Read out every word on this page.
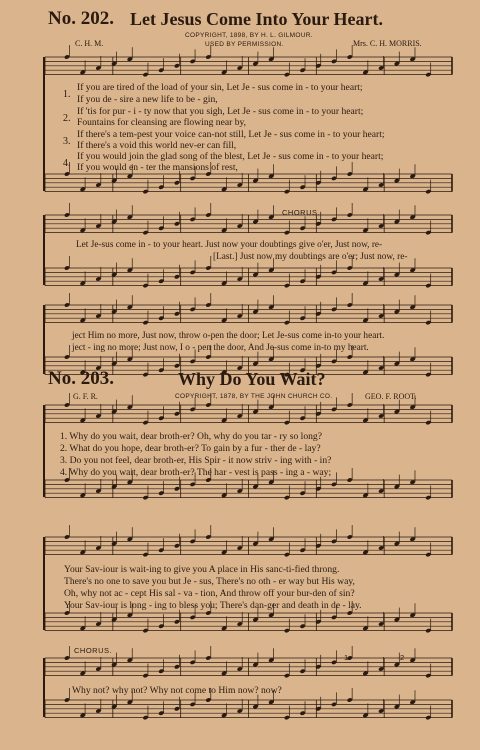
No. 202. Let Jesus Come Into Your Heart.
COPYRIGHT, 1898, BY H. L. GILMOUR.
USED BY PERMISSION.
C. H. M.	Mrs. C. H. MORRIS.
1.
If you are tired of the load of your sin, Let Je - sus come in - to your heart;
If you de - sire a new life to be - gin,
2.
If 'tis for pur - i - ty now that you sigh, Let Je - sus come in - to your heart;
Fountains for cleansing are flowing near by,
3.
If there's a tem-pest your voice can-not still, Let Je - sus come in - to your heart;
If there's a void this world nev-er can fill,
4.
If you would join the glad song of the blest, Let Je - sus come in - to your heart;
If you would en - ter the mansions of rest,
CHORUS.
Let Je-sus come in - to your heart. Just now your doubtings give o'er, Just now, re-
[Last.] Just now my doubtings are o'er; Just now, re-
ject Him no more, Just now, throw o-pen the door; Let Je-sus come in-to your heart.
ject - ing no more; Just now, I o - pen the door, And Je-sus come in-to my heart.
No. 203.	Why Do You Wait?
COPYRIGHT, 1878, BY THE JOHN CHURCH CO.
G. F. R.	GEO. F. ROOT.
1. Why do you wait, dear broth-er? Oh, why do you tar - ry so long?
2. What do you hope, dear broth-er? To gain by a fur - ther de - lay?
3. Do you not feel, dear broth-er, His Spir - it now striv - ing with - in?
4. Why do you wait, dear broth-er? The har - vest is pass - ing a - way;
Your Sav-iour is wait-ing to give you A place in His sanc-ti-fied throng.
There's no one to save you but Je - sus, There's no oth - er way but His way,
Oh, why not ac - cept His sal - va - tion, And throw off your bur-den of sin?
Your Sav-iour is long - ing to bless you; There's dan-ger and death in de - lay.
CHORUS.
Why not? why not? Why not come to Him now? now?
1	2
